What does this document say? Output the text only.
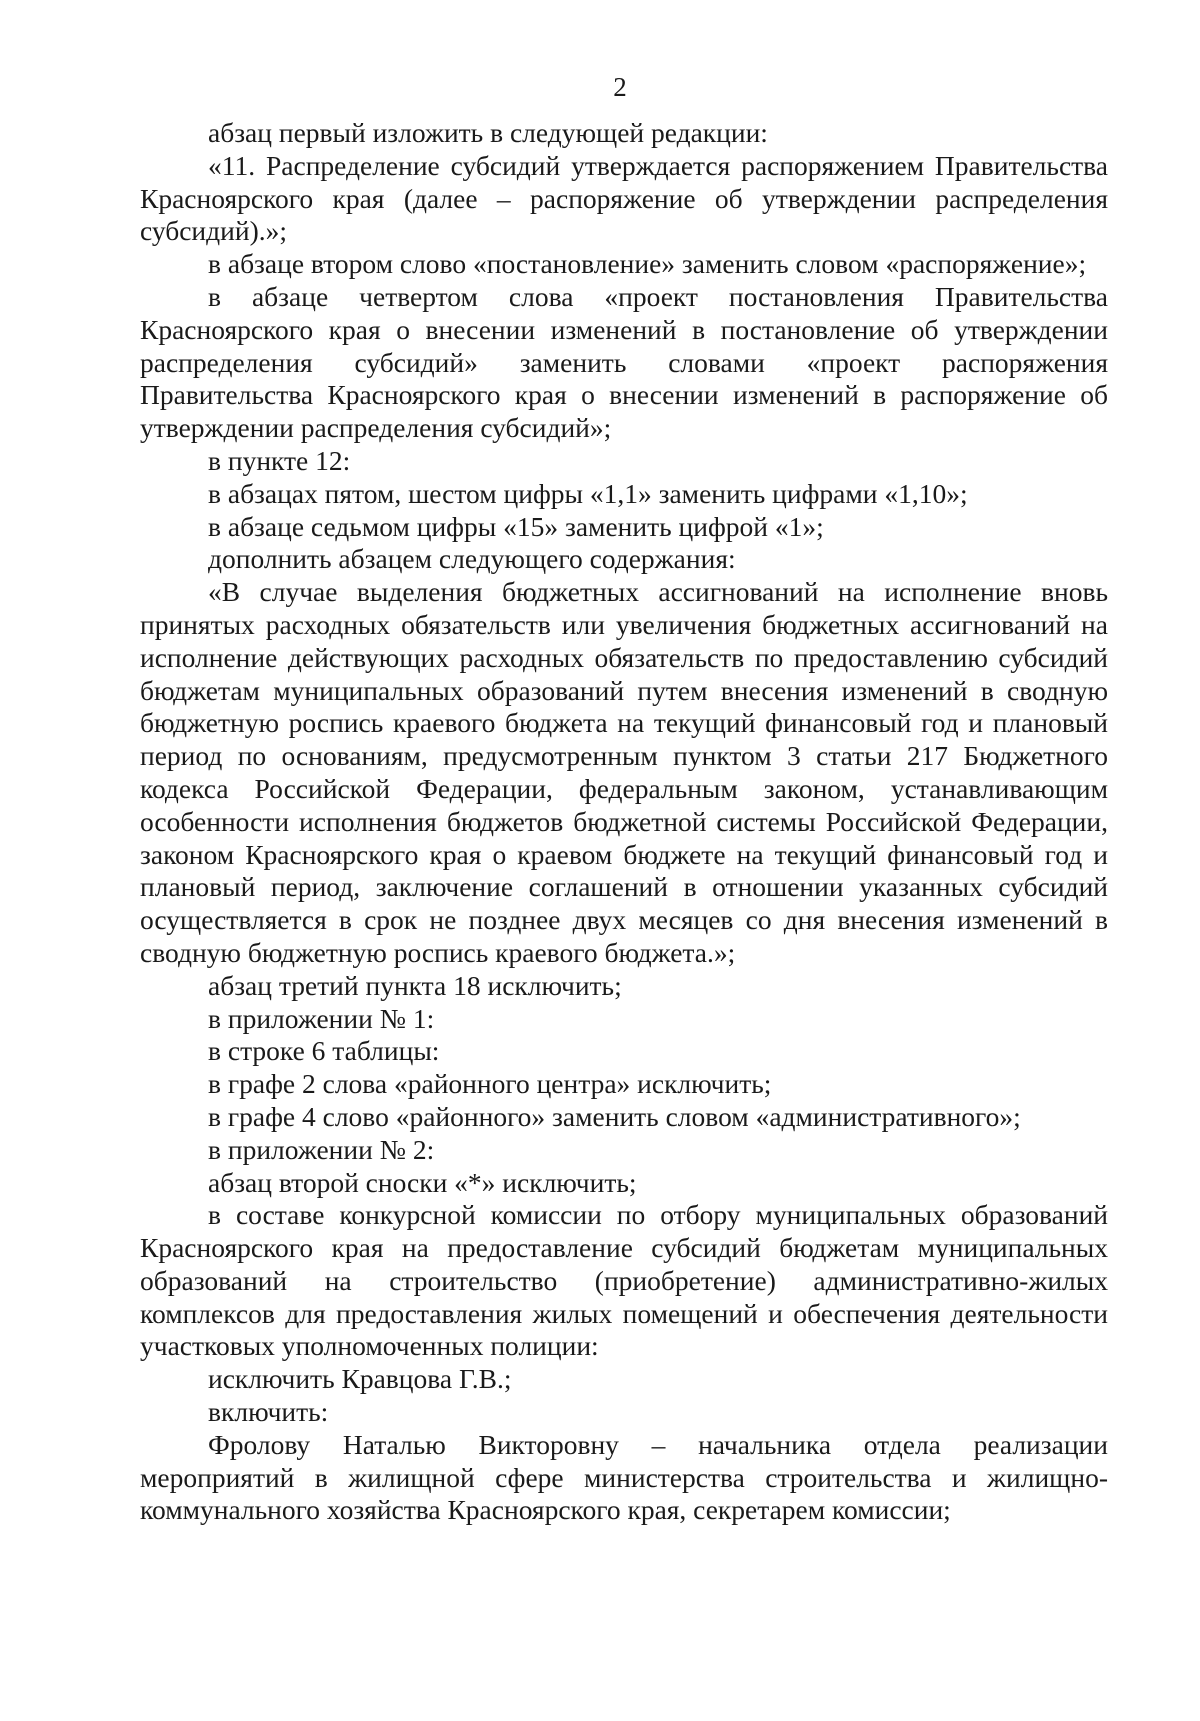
2

абзац первый изложить в следующей редакции:

«11. Распределение субсидий утверждается распоряжением Правительства Красноярского края (далее – распоряжение об утверждении распределения субсидий).»;

в абзаце втором слово «постановление» заменить словом «распоряжение»;

в абзаце четвертом слова «проект постановления Правительства Красноярского края о внесении изменений в постановление об утверждении распределения субсидий» заменить словами «проект распоряжения Правительства Красноярского края о внесении изменений в распоряжение об утверждении распределения субсидий»;

в пункте 12:

в абзацах пятом, шестом цифры «1,1» заменить цифрами «1,10»;

в абзаце седьмом цифры «15» заменить цифрой «1»;

дополнить абзацем следующего содержания:

«В случае выделения бюджетных ассигнований на исполнение вновь принятых расходных обязательств или увеличения бюджетных ассигнований на исполнение действующих расходных обязательств по предоставлению субсидий бюджетам муниципальных образований путем внесения изменений в сводную бюджетную роспись краевого бюджета на текущий финансовый год и плановый период по основаниям, предусмотренным пунктом 3 статьи 217 Бюджетного кодекса Российской Федерации, федеральным законом, устанавливающим особенности исполнения бюджетов бюджетной системы Российской Федерации, законом Красноярского края о краевом бюджете на текущий финансовый год и плановый период, заключение соглашений в отношении указанных субсидий осуществляется в срок не позднее двух месяцев со дня внесения изменений в сводную бюджетную роспись краевого бюджета.»;

абзац третий пункта 18 исключить;

в приложении № 1:

в строке 6 таблицы:

в графе 2 слова «районного центра» исключить;

в графе 4 слово «районного» заменить словом «административного»;

в приложении № 2:

абзац второй сноски «*» исключить;

в составе конкурсной комиссии по отбору муниципальных образований Красноярского края на предоставление субсидий бюджетам муниципальных образований на строительство (приобретение) административно-жилых комплексов для предоставления жилых помещений и обеспечения деятельности участковых уполномоченных полиции:

исключить Кравцова Г.В.;

включить:

Фролову Наталью Викторовну – начальника отдела реализации мероприятий в жилищной сфере министерства строительства и жилищно-коммунального хозяйства Красноярского края, секретарем комиссии;
